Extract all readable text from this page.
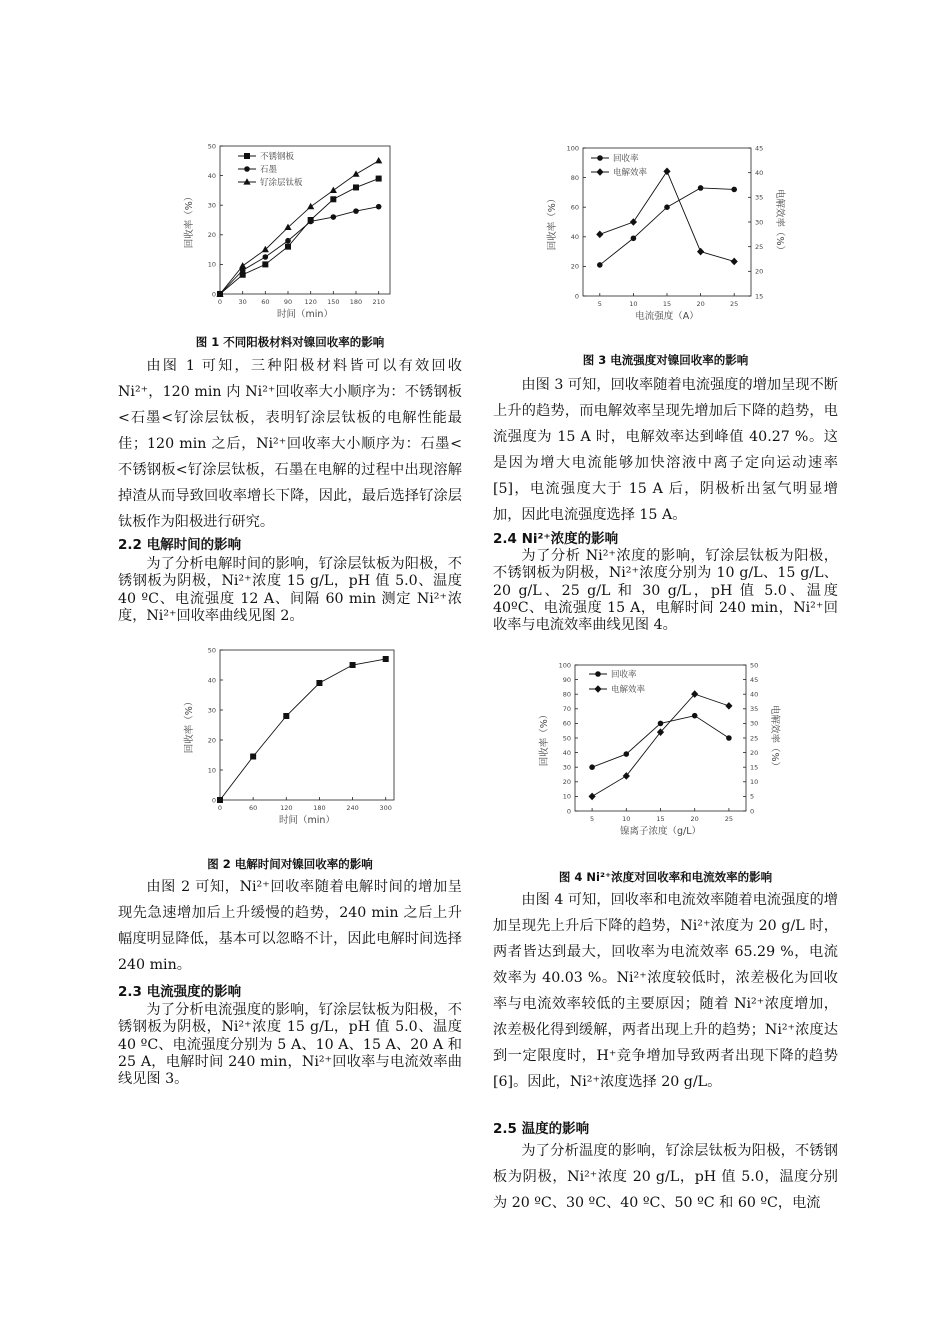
0	30 60 90 120 150 180 210
0
10
20
30
40
50
时间（min）
回收率（%）
不锈钢板
石墨
钌涂层钛板
图 1 不同阳极材料对镍回收率的影响
由图 1 可知，三种阳极材料皆可以有效回收 Ni²⁺，120 min 内 Ni²⁺回收率大小顺序为：不锈钢板<石墨<钌涂层钛板，表明钌涂层钛板的电解性能最佳；120 min 之后，Ni²⁺回收率大小顺序为：石墨<不锈钢板<钌涂层钛板，石墨在电解的过程中出现溶解掉渣从而导致回收率增长下降，因此，最后选择钌涂层钛板作为阳极进行研究。
2.2 电解时间的影响
为了分析电解时间的影响，钌涂层钛板为阳极，不锈钢板为阴极，Ni²⁺浓度 15 g/L，pH 值 5.0、温度 40 ºC、电流强度 12 A、间隔 60 min 测定 Ni²⁺浓度，Ni²⁺回收率曲线见图 2。
0	60	120	180	240	300
0
10
20
30
40
50
时间（min）
回收率（%）
图 2 电解时间对镍回收率的影响
由图 2 可知，Ni²⁺回收率随着电解时间的增加呈现先急速增加后上升缓慢的趋势，240 min 之后上升幅度明显降低，基本可以忽略不计，因此电解时间选择 240 min。
2.3 电流强度的影响
为了分析电流强度的影响，钌涂层钛板为阳极，不锈钢板为阴极，Ni²⁺浓度 15 g/L，pH 值 5.0、温度 40 ºC、电流强度分别为 5 A、10 A、15 A、20 A 和 25 A，电解时间 240 min，Ni²⁺回收率与电流效率曲线见图 3。
5	10	15	20	25
0
20
40
60
80
100
15
20
25
30
35
40
45
电流强度（A）
回收率（%）	电解效率（%）
回收率
电解效率
图 3 电流强度对镍回收率的影响
由图 3 可知，回收率随着电流强度的增加呈现不断上升的趋势，而电解效率呈现先增加后下降的趋势，电流强度为 15 A 时，电解效率达到峰值 40.27 %。这是因为增大电流能够加快溶液中离子定向运动速率[5]，电流强度大于 15 A 后，阴极析出氢气明显增加，因此电流强度选择 15 A。
2.4 Ni²⁺浓度的影响
为了分析 Ni²⁺浓度的影响，钌涂层钛板为阳极，不锈钢板为阴极，Ni²⁺浓度分别为 10 g/L、15 g/L、20 g/L、25 g/L 和 30 g/L，pH 值 5.0、温度 40ºC、电流强度 15 A，电解时间 240 min，Ni²⁺回收率与电流效率曲线见图 4。
5	10	15	20	25
0
10
20
30
40
50
60
70
80
90
100
0
5
10
15
20
25
30
35
40
45
50
镍离子浓度（g/L）
回收率（%）	电解效率（%）
回收率
电解效率
图 4 Ni²⁺浓度对回收率和电流效率的影响
由图 4 可知，回收率和电流效率随着电流强度的增加呈现先上升后下降的趋势，Ni²⁺浓度为 20 g/L 时，两者皆达到最大，回收率为电流效率 65.29 %，电流效率为 40.03 %。Ni²⁺浓度较低时，浓差极化为回收率与电流效率较低的主要原因；随着 Ni²⁺浓度增加，浓差极化得到缓解，两者出现上升的趋势；Ni²⁺浓度达到一定限度时，H⁺竞争增加导致两者出现下降的趋势[6]。因此，Ni²⁺浓度选择 20 g/L。
2.5 温度的影响
为了分析温度的影响，钌涂层钛板为阳极，不锈钢板为阴极，Ni²⁺浓度 20 g/L，pH 值 5.0，温度分别为 20 ºC、30 ºC、40 ºC、50 ºC 和 60 ºC，电流
